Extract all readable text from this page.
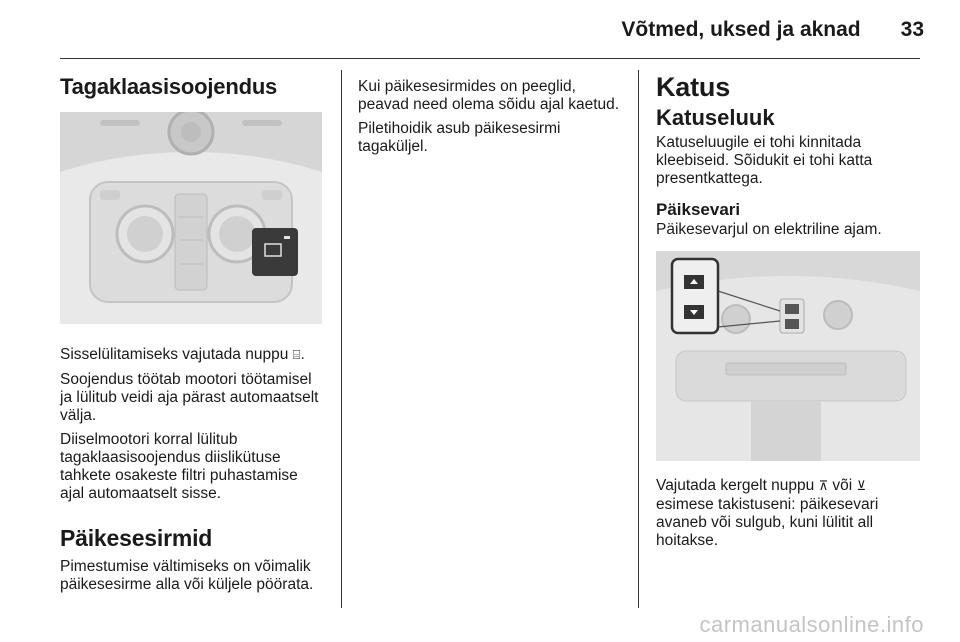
Võtmed, uksed ja aknad 33
Tagaklaasisoojendus

Sisselülitamiseks vajutada nuppu ⌸.

Soojendus töötab mootori töötamisel ja lülitub veidi aja pärast automaatselt välja.

Diiselmootori korral lülitub tagaklaasisoojendus diislikütuse tahkete osakeste filtri puhastamise ajal automaatselt sisse.

Päikesesirmid

Pimestumise vältimiseks on võimalik päikesesirme alla või küljele pöörata.

Kui päikesesirmides on peeglid, peavad need olema sõidu ajal kaetud.

Piletihoidik asub päikesesirmi tagaküljel.

Katus
Katuseluuk

Katuseluugile ei tohi kinnitada kleebiseid. Sõidukit ei tohi katta presentkattega.

Päiksevari

Päikesevarjul on elektriline ajam.

Vajutada kergelt nuppu ⊼ või ⊻
esimese takistuseni: päikesevari avaneb või sulgub, kuni lülitit all hoitakse.

carmanualsonline.info
